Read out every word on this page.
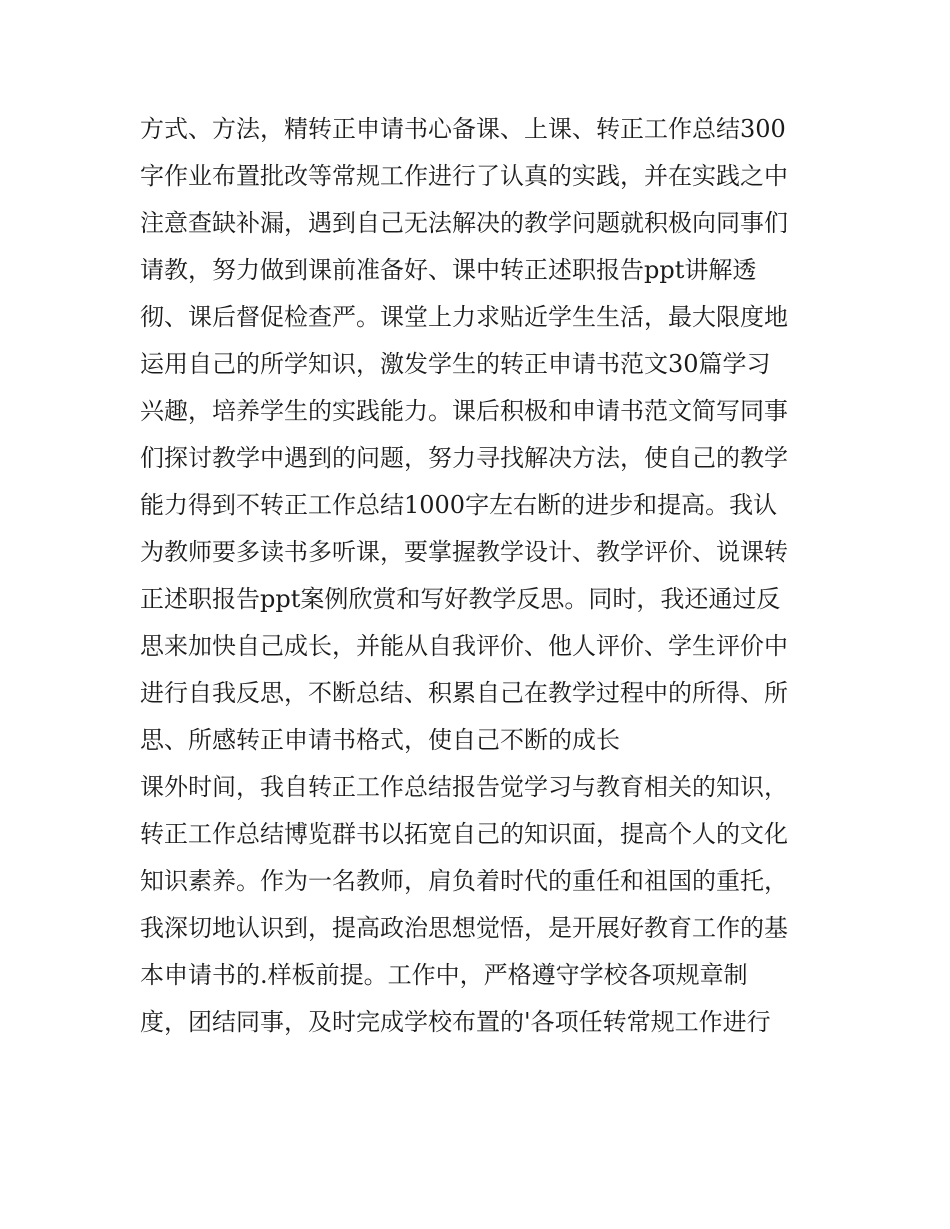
方式、方法，精转正申请书心备课、上课、转正工作总结300
字作业布置批改等常规工作进行了认真的实践，并在实践之中
注意查缺补漏，遇到自己无法解决的教学问题就积极向同事们
请教，努力做到课前准备好、课中转正述职报告ppt讲解透
彻、课后督促检查严。课堂上力求贴近学生生活，最大限度地
运用自己的所学知识，激发学生的转正申请书范文30篇学习
兴趣，培养学生的实践能力。课后积极和申请书范文简写同事
们探讨教学中遇到的问题，努力寻找解决方法，使自己的教学
能力得到不转正工作总结1000字左右断的进步和提高。我认
为教师要多读书多听课，要掌握教学设计、教学评价、说课转
正述职报告ppt案例欣赏和写好教学反思。同时，我还通过反
思来加快自己成长，并能从自我评价、他人评价、学生评价中
进行自我反思，不断总结、积累自己在教学过程中的所得、所
思、所感转正申请书格式，使自己不断的成长
课外时间，我自转正工作总结报告觉学习与教育相关的知识，
转正工作总结博览群书以拓宽自己的知识面，提高个人的文化
知识素养。作为一名教师，肩负着时代的重任和祖国的重托，
我深切地认识到，提高政治思想觉悟，是开展好教育工作的基
本申请书的.样板前提。工作中，严格遵守学校各项规章制
度，团结同事，及时完成学校布置的'各项任转常规工作进行
